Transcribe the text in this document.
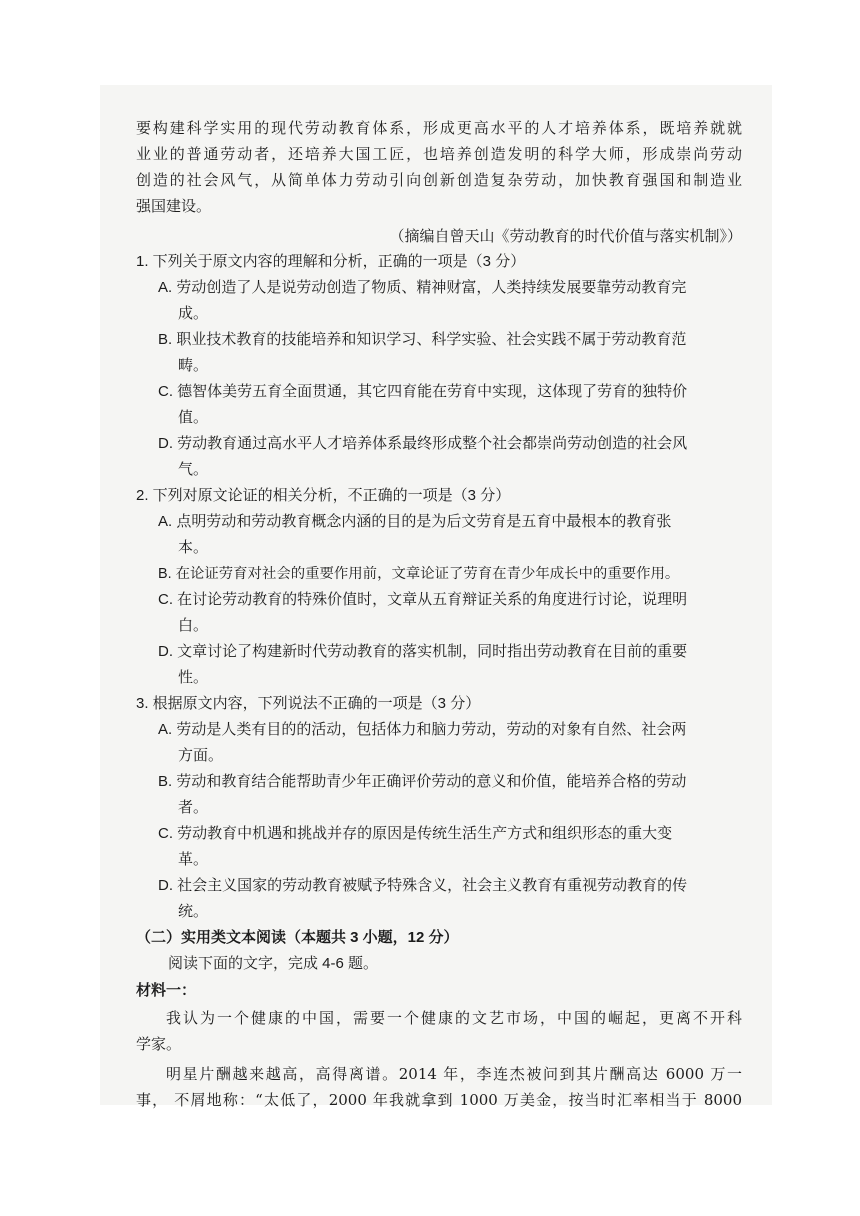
要构建科学实用的现代劳动教育体系，形成更高水平的人才培养体系，既培养就就
业业的普通劳动者，还培养大国工匠，也培养创造发明的科学大师，形成崇尚劳动
创造的社会风气，从简单体力劳动引向创新创造复杂劳动，加快教育强国和制造业
强国建设。
（摘编自曾天山《劳动教育的时代价值与落实机制》）
1. 下列关于原文内容的理解和分析，正确的一项是（3 分）
A. 劳动创造了人是说劳动创造了物质、精神财富，人类持续发展要靠劳动教育完
成。
B. 职业技术教育的技能培养和知识学习、科学实验、社会实践不属于劳动教育范
畴。
C. 德智体美劳五育全面贯通，其它四育能在劳育中实现，这体现了劳育的独特价
值。
D. 劳动教育通过高水平人才培养体系最终形成整个社会都崇尚劳动创造的社会风
气。
2. 下列对原文论证的相关分析，不正确的一项是（3 分）
A. 点明劳动和劳动教育概念内涵的目的是为后文劳育是五育中最根本的教育张
本。
B. 在论证劳育对社会的重要作用前，文章论证了劳育在青少年成长中的重要作用。
C. 在讨论劳动教育的特殊价值时，文章从五育辩证关系的角度进行讨论，说理明
白。
D. 文章讨论了构建新时代劳动教育的落实机制，同时指出劳动教育在目前的重要
性。
3. 根据原文内容，下列说法不正确的一项是（3 分）
A. 劳动是人类有目的的活动，包括体力和脑力劳动，劳动的对象有自然、社会两
方面。
B. 劳动和教育结合能帮助青少年正确评价劳动的意义和价值，能培养合格的劳动
者。
C. 劳动教育中机遇和挑战并存的原因是传统生活生产方式和组织形态的重大变
革。
D. 社会主义国家的劳动教育被赋予特殊含义，社会主义教育有重视劳动教育的传
统。
（二）实用类文本阅读（本题共 3 小题，12 分）
阅读下面的文字，完成 4-6 题。
材料一：
我认为一个健康的中国，需要一个健康的文艺市场，中国的崛起，更离不开科
学家。
明星片酬越来越高，高得离谱。2014 年，李连杰被问到其片酬高达 6000 万一
事， 不屑地称：“太低了，2000 年我就拿到 1000 万美金，按当时汇率相当于 8000
